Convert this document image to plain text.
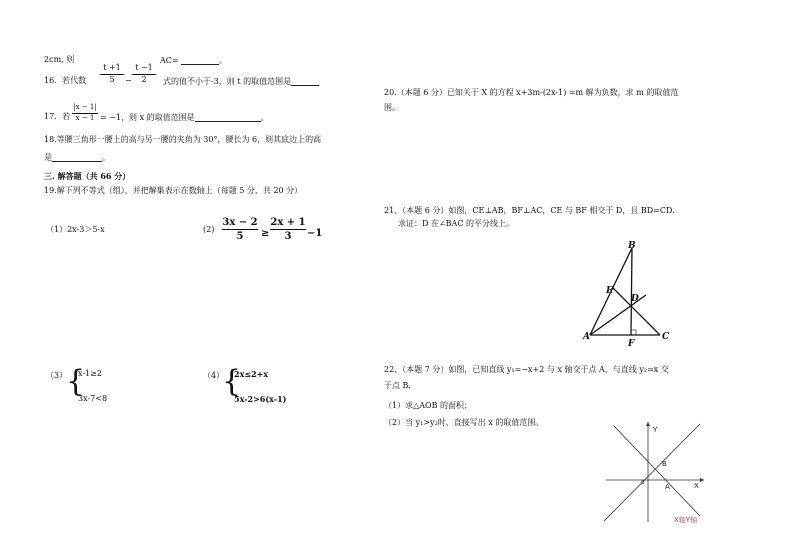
2cm, 则	AC=	。
16．若代数
t +1
5	−
t −1
2	式的值不小于-3，则 t 的取值范围是
17．若
|x − 1|
x − 1 = −1，则 x 的取值范围是	。
18.等腰三角形一腰上的高与另一腰的夹角为 30°，腰长为 6，则其底边上的高
是	。
三. 解答题（共 66 分）
19.解下列不等式（组），并把解集表示在数轴上（每题 5 分，共 20 分）
（1）2x-3＞5-x	(2)
3x − 2
5	≥
2x + 1
3	−1
（3）
{
x-1≥2
3x-7<8
（4）
{
2x≤2+x
5x-2>6(x-1)
20.（本题 6 分）已知关于 X 的方程 x+3m-(2x-1) =m 解为负数，求 m 的取值范
围。
21、（本题 6 分）如图，CE⊥AB，BF⊥AC，CE 与 BF 相交于 D，且 BD=CD.
求证：D 在∠BAC 的平分线上。
B
E
D
A
F
C
22、（本题 7 分）如图，已知直线 y₁=−x+2 与 x 轴交于点 A，与直线 y₂=x 交
于点 B.
（1）求△AOB 的面积；
（2）当 y₁>y₂时，直接写出 x 的取值范围。
Y
X
B
A
o
X轴Y轴
